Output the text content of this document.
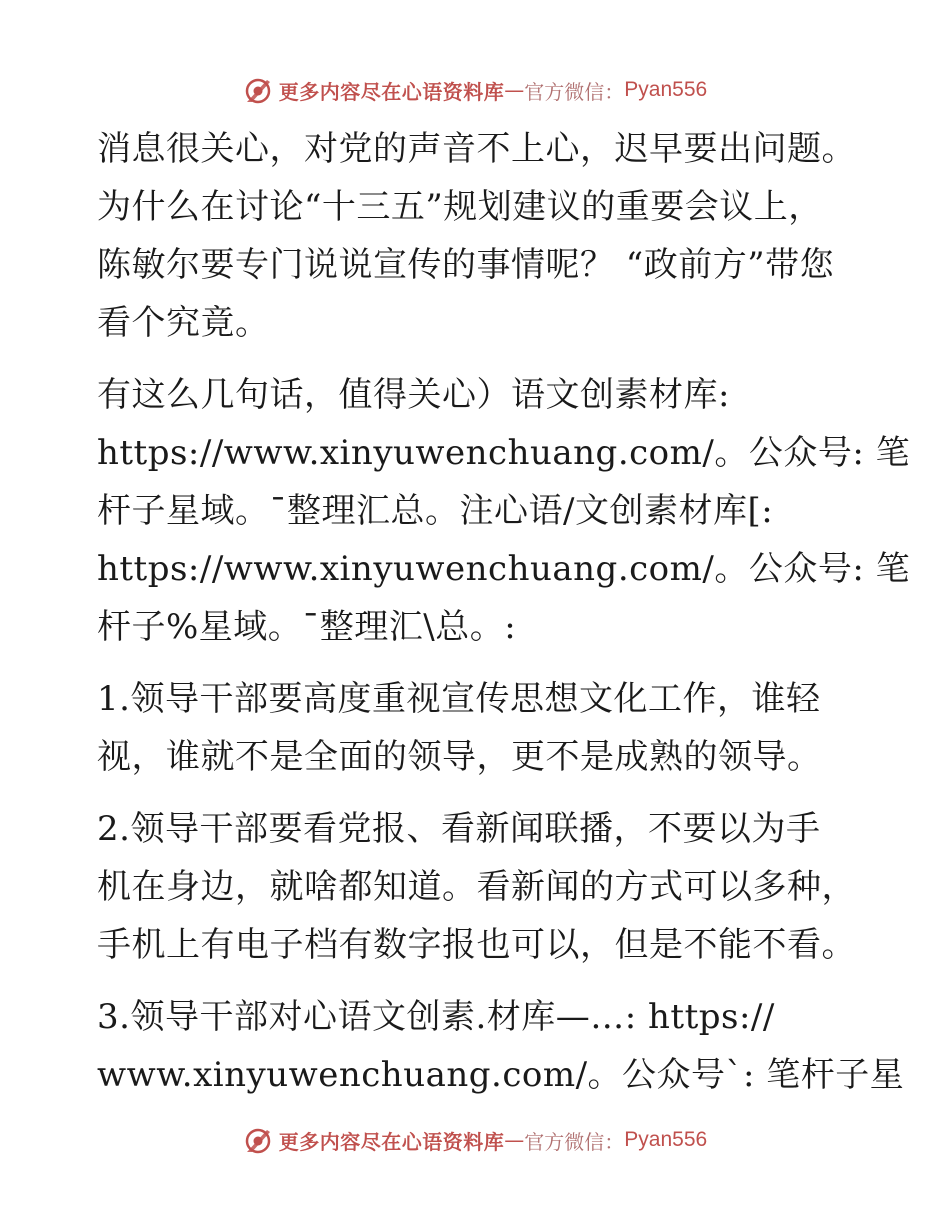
更多内容尽在心语资料库 — 官方微信： Pyan556

消息很关心，对党的声音不上心，迟早要出问题。
为什么在讨论“十三五”规划建议的重要会议上，
陈敏尔要专门说说宣传的事情呢？ “政前方”带您
看个究竟。

有这么几句话，值得关心）语文创素材库:
https://www.xinyuwenchuang.com/。公众号: 笔
杆子星域。¯整理汇总。注心语/文创素材库[:
https://www.xinyuwenchuang.com/。公众号: 笔
杆子%星域。¯整理汇\总。:

1.领导干部要高度重视宣传思想文化工作，谁轻
视，谁就不是全面的领导，更不是成熟的领导。

2.领导干部要看党报、看新闻联播，不要以为手
机在身边，就啥都知道。看新闻的方式可以多种，
手机上有电子档有数字报也可以，但是不能不看。

3.领导干部对心语文创素.材库—…: https://
www.xinyuwenchuang.com/。公众号`: 笔杆子星

更多内容尽在心语资料库 — 官方微信： Pyan556
